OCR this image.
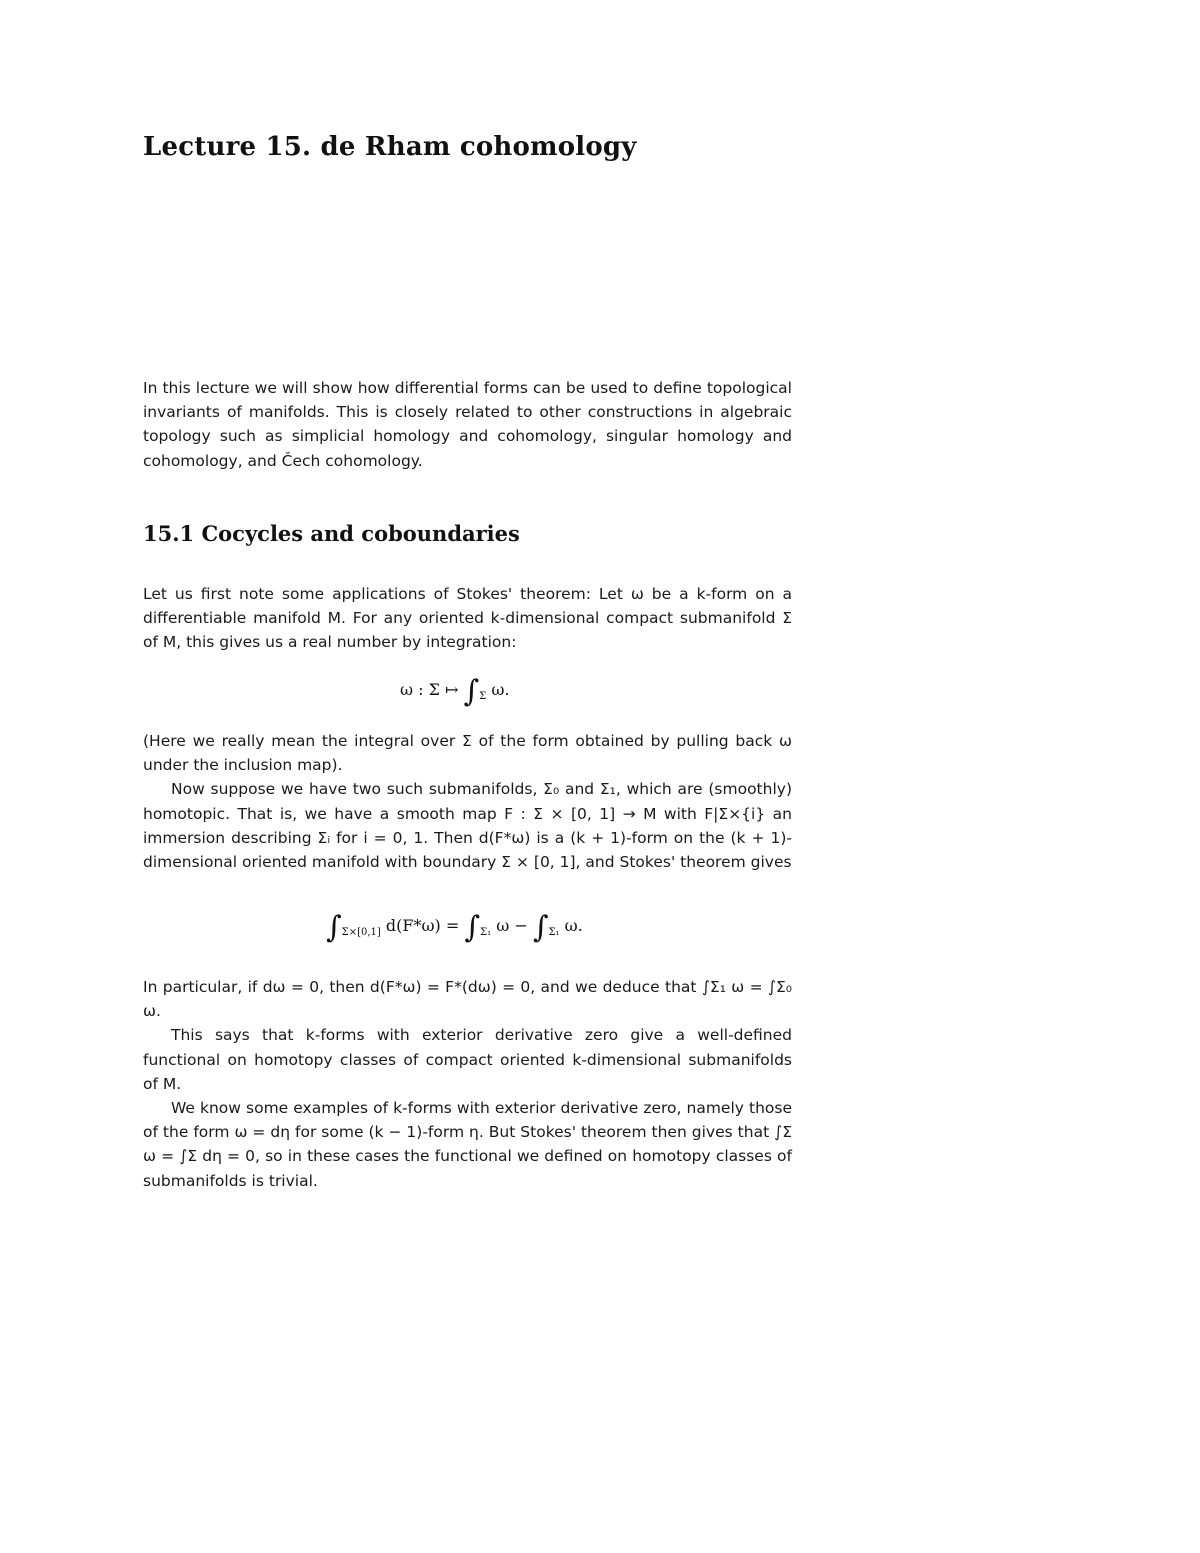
Lecture 15. de Rham cohomology

In this lecture we will show how differential forms can be used to define topological invariants of manifolds. This is closely related to other constructions in algebraic topology such as simplicial homology and cohomology, singular homology and cohomology, and Čech cohomology.

15.1 Cocycles and coboundaries

Let us first note some applications of Stokes' theorem: Let ω be a k-form on a differentiable manifold M. For any oriented k-dimensional compact submanifold Σ of M, this gives us a real number by integration:

ω : Σ ↦ $\int_\Sigma$ ω.

(Here we really mean the integral over Σ of the form obtained by pulling back ω under the inclusion map).

Now suppose we have two such submanifolds, Σ₀ and Σ₁, which are (smoothly) homotopic. That is, we have a smooth map F : Σ × [0, 1] → M with F|Σ×{i} an immersion describing Σᵢ for i = 0, 1. Then d(F*ω) is a (k + 1)-form on the (k + 1)-dimensional oriented manifold with boundary Σ × [0, 1], and Stokes' theorem gives

$\int_{\Sigma\times[0,1]}$ $d(F*\omega) = \int_{\Sigma_1}$ $\omega - \int_{\Sigma_1}$ ω.

In particular, if dω = 0, then d(F*ω) = F*(dω) = 0, and we deduce that ∫Σ₁ ω = ∫Σ₀ ω.

This says that k-forms with exterior derivative zero give a well-defined functional on homotopy classes of compact oriented k-dimensional submanifolds of M.

We know some examples of k-forms with exterior derivative zero, namely those of the form ω = dη for some (k − 1)-form η. But Stokes' theorem then gives that ∫Σ ω = ∫Σ dη = 0, so in these cases the functional we defined on homotopy classes of submanifolds is trivial.
